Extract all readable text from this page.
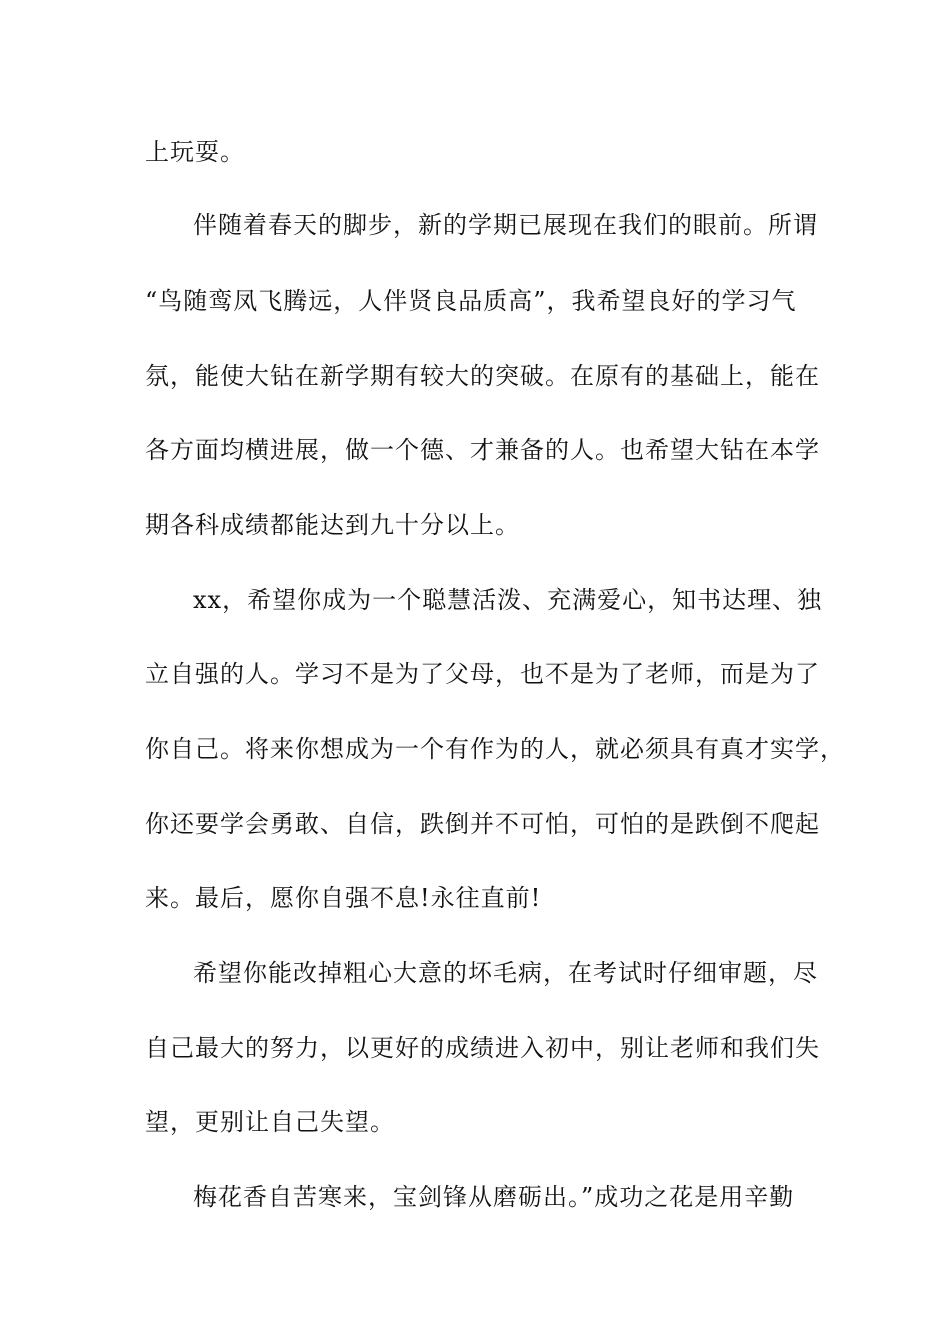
上玩耍。
伴随着春天的脚步，新的学期已展现在我们的眼前。所谓
“鸟随鸾凤飞腾远，人伴贤良品质高”，我希望良好的学习气
氛，能使大钻在新学期有较大的突破。在原有的基础上，能在
各方面均横进展，做一个德、才兼备的人。也希望大钻在本学
期各科成绩都能达到九十分以上。
xx，希望你成为一个聪慧活泼、充满爱心，知书达理、独
立自强的人。学习不是为了父母，也不是为了老师，而是为了
你自己。将来你想成为一个有作为的人，就必须具有真才实学，
你还要学会勇敢、自信，跌倒并不可怕，可怕的是跌倒不爬起
来。最后，愿你自强不息!永往直前!
希望你能改掉粗心大意的坏毛病，在考试时仔细审题，尽
自己最大的努力，以更好的成绩进入初中，别让老师和我们失
望，更别让自己失望。
梅花香自苦寒来，宝剑锋从磨砺出。”成功之花是用辛勤
